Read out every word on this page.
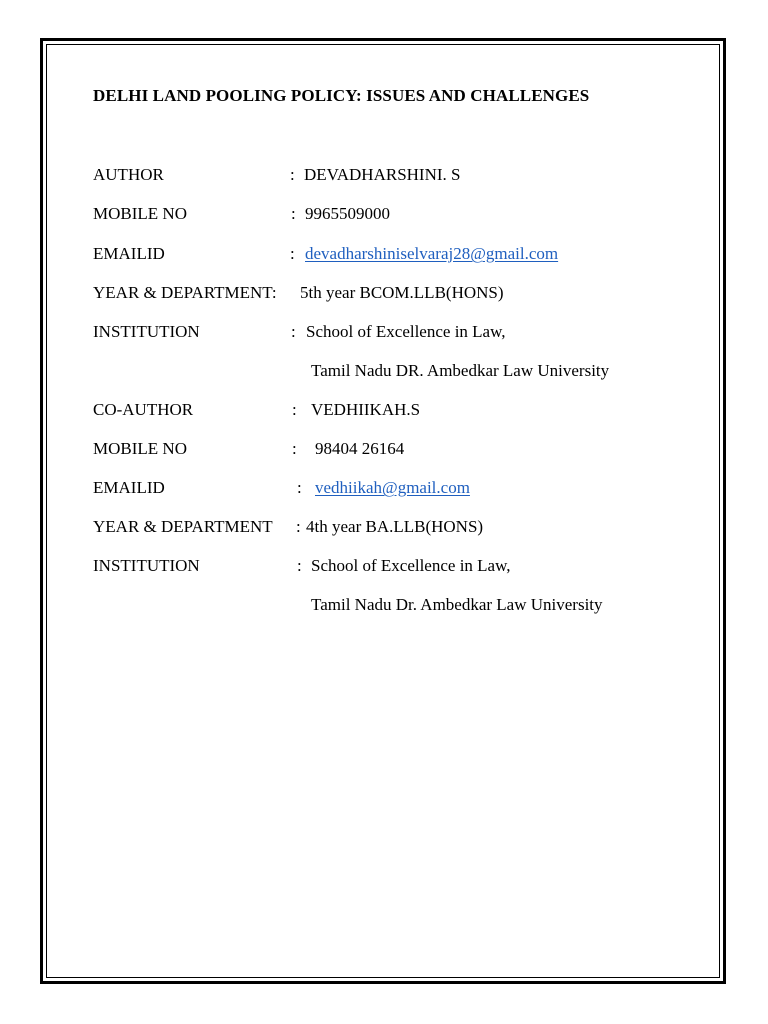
DELHI LAND POOLING POLICY: ISSUES AND CHALLENGES
AUTHOR	: DEVADHARSHINI. S
MOBILE NO	: 9965509000
EMAILID	: devadharshiniselvaraj28@gmail.com
YEAR & DEPARTMENT: 5th year BCOM.LLB(HONS)
INSTITUTION	: School of Excellence in Law,
Tamil Nadu DR. Ambedkar Law University
CO-AUTHOR	: VEDHIIKAH.S
MOBILE NO	: 98404 26164
EMAILID	: vedhiikah@gmail.com
YEAR & DEPARTMENT : 4th year BA.LLB(HONS)
INSTITUTION	: School of Excellence in Law,
Tamil Nadu Dr. Ambedkar Law University
